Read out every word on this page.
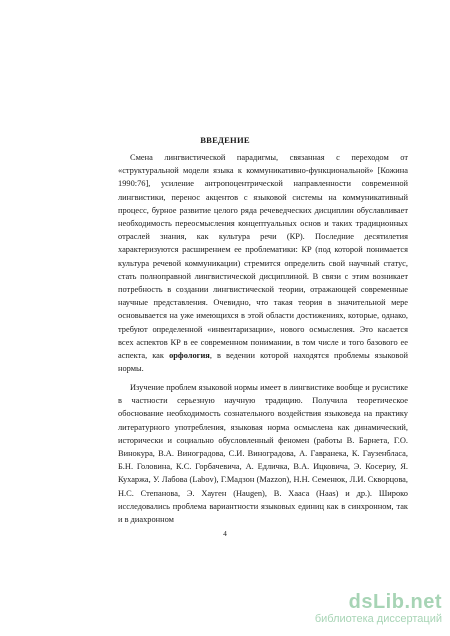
ВВЕДЕНИЕ

Смена лингвистической парадигмы, связанная с переходом от «структуральной модели языка к коммуникативно-функциональной» [Кожина 1990:76], усиление антропоцентрической направленности современной лингвистики, перенос акцентов с языковой системы на коммуникативный процесс, бурное развитие целого ряда речеведческих дисциплин обуславливает необходимость переосмысления концептуальных основ и таких традиционных отраслей знания, как культура речи (КР). Последние десятилетия характеризуются расширением ее проблематики: КР (под которой понимается культура речевой коммуникации) стремится определить свой научный статус, стать полноправной лингвистической дисциплиной. В связи с этим возникает потребность в создании лингвистической теории, отражающей современные научные представления. Очевидно, что такая теория в значительной мере основывается на уже имеющихся в этой области достижениях, которые, однако, требуют определенной «инвентаризации», нового осмысления. Это касается всех аспектов КР в ее современном понимании, в том числе и того базового ее аспекта, как орфология, в ведении которой находятся проблемы языковой нормы.

Изучение проблем языковой нормы имеет в лингвистике вообще и русистике в частности серьезную научную традицию. Получила теоретическое обоснование необходимость сознательного воздействия языковеда на практику литературного употребления, языковая норма осмыслена как динамический, исторически и социально обусловленный феномен (работы В. Барнета, Г.О. Винокура, В.А. Виноградова, С.И. Виноградова, А. Гавранека, К. Гаузенбласа, Б.Н. Головина, К.С. Горбачевича, А. Едличка, В.А. Ицковича, Э. Косериу, Я. Кухаржа, У. Лабова (Labov), Г.Мадзон (Mazzon), Н.Н. Семенюк, Л.И. Скворцова, Н.С. Степанова, Э. Хауген (Haugen), В. Хааса (Haas) и др.). Широко исследовались проблема вариантности языковых единиц как в синхронном, так и в диахронном

4
dsLib.net
библиотека диссертаций
